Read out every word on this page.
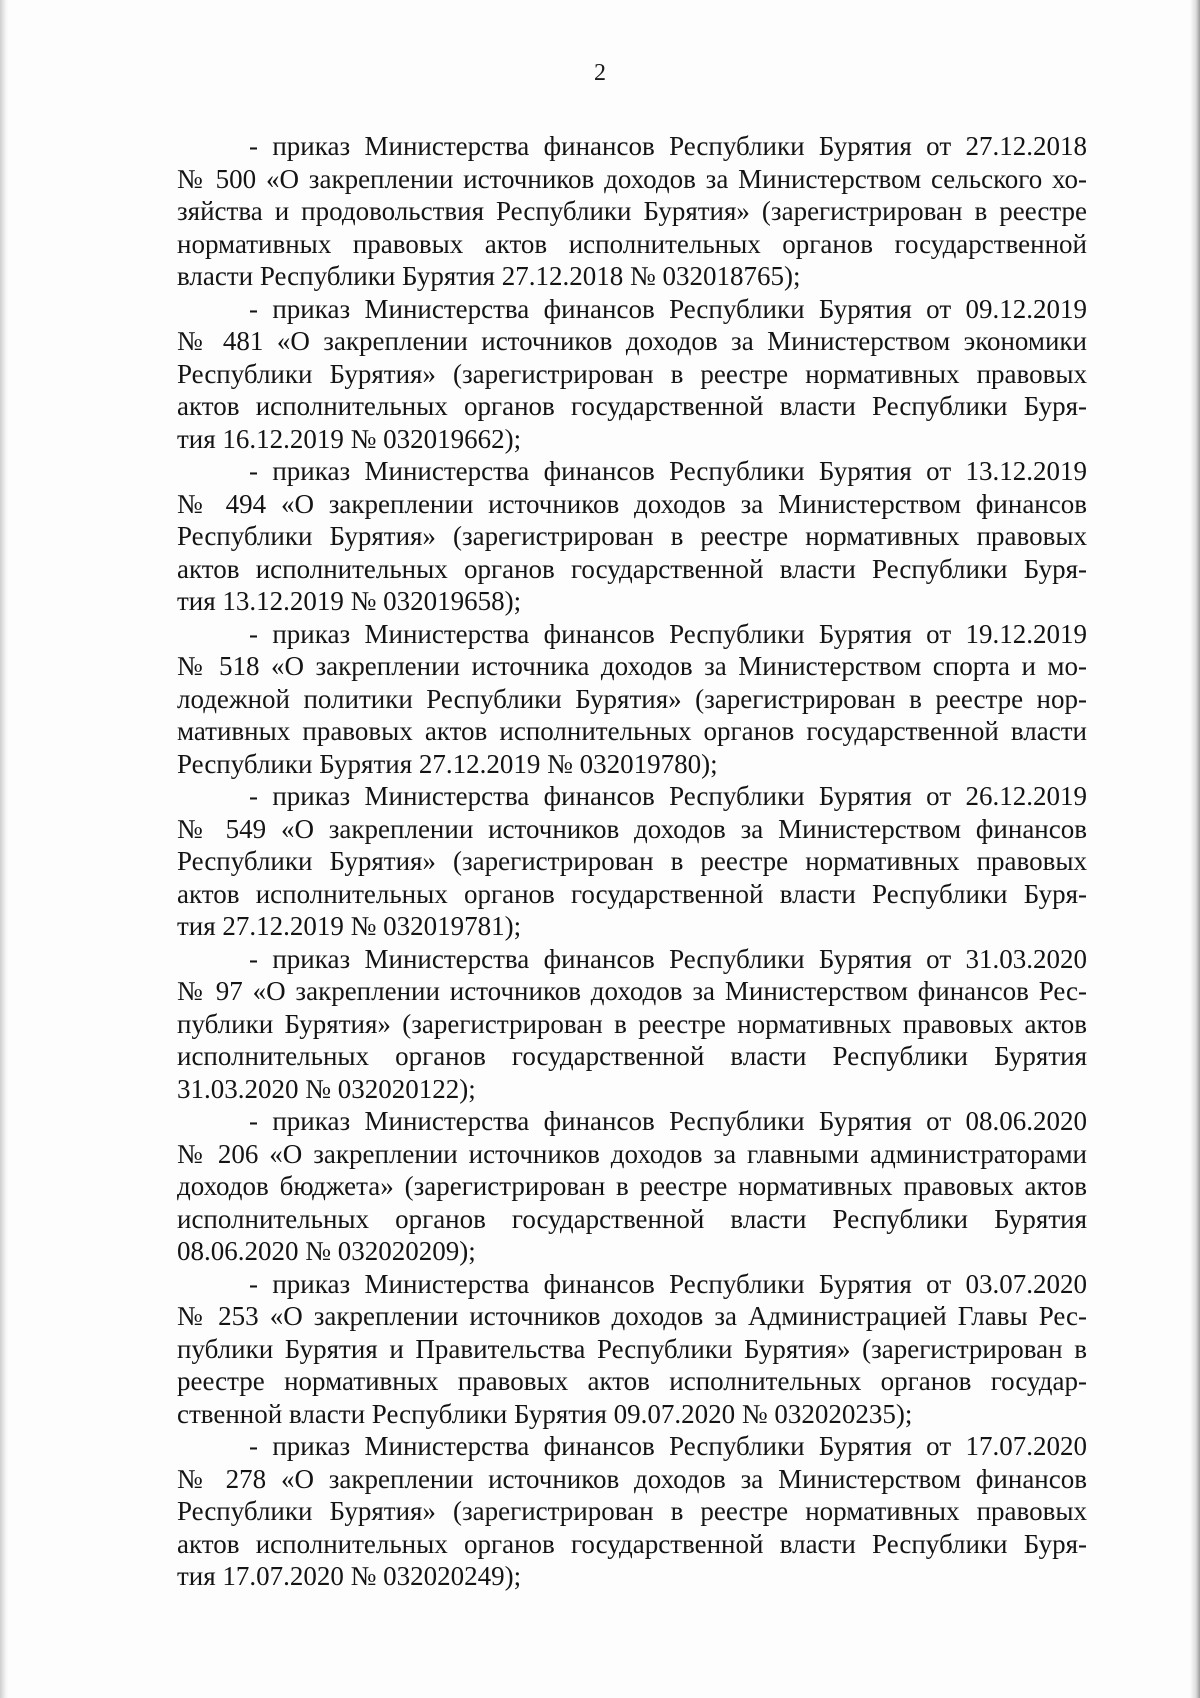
2

- приказ Министерства финансов Республики Бурятия от 27.12.2018
№ 500 «О закреплении источников доходов за Министерством сельского хо-
зяйства и продовольствия Республики Бурятия» (зарегистрирован в реестре
нормативных правовых актов исполнительных органов государственной
власти Республики Бурятия 27.12.2018 № 032018765);

- приказ Министерства финансов Республики Бурятия от 09.12.2019
№ 481 «О закреплении источников доходов за Министерством экономики
Республики Бурятия» (зарегистрирован в реестре нормативных правовых
актов исполнительных органов государственной власти Республики Буря-
тия 16.12.2019 № 032019662);

- приказ Министерства финансов Республики Бурятия от 13.12.2019
№ 494 «О закреплении источников доходов за Министерством финансов
Республики Бурятия» (зарегистрирован в реестре нормативных правовых
актов исполнительных органов государственной власти Республики Буря-
тия 13.12.2019 № 032019658);

- приказ Министерства финансов Республики Бурятия от 19.12.2019
№ 518 «О закреплении источника доходов за Министерством спорта и мо-
лодежной политики Республики Бурятия» (зарегистрирован в реестре нор-
мативных правовых актов исполнительных органов государственной власти
Республики Бурятия 27.12.2019 № 032019780);

- приказ Министерства финансов Республики Бурятия от 26.12.2019
№ 549 «О закреплении источников доходов за Министерством финансов
Республики Бурятия» (зарегистрирован в реестре нормативных правовых
актов исполнительных органов государственной власти Республики Буря-
тия 27.12.2019 № 032019781);

- приказ Министерства финансов Республики Бурятия от 31.03.2020
№ 97 «О закреплении источников доходов за Министерством финансов Рес-
публики Бурятия» (зарегистрирован в реестре нормативных правовых актов
исполнительных органов государственной власти Республики Бурятия
31.03.2020 № 032020122);

- приказ Министерства финансов Республики Бурятия от 08.06.2020
№ 206 «О закреплении источников доходов за главными администраторами
доходов бюджета» (зарегистрирован в реестре нормативных правовых актов
исполнительных органов государственной власти Республики Бурятия
08.06.2020 № 032020209);

- приказ Министерства финансов Республики Бурятия от 03.07.2020
№ 253 «О закреплении источников доходов за Администрацией Главы Рес-
публики Бурятия и Правительства Республики Бурятия» (зарегистрирован в
реестре нормативных правовых актов исполнительных органов государ-
ственной власти Республики Бурятия 09.07.2020 № 032020235);

- приказ Министерства финансов Республики Бурятия от 17.07.2020
№ 278 «О закреплении источников доходов за Министерством финансов
Республики Бурятия» (зарегистрирован в реестре нормативных правовых
актов исполнительных органов государственной власти Республики Буря-
тия 17.07.2020 № 032020249);
